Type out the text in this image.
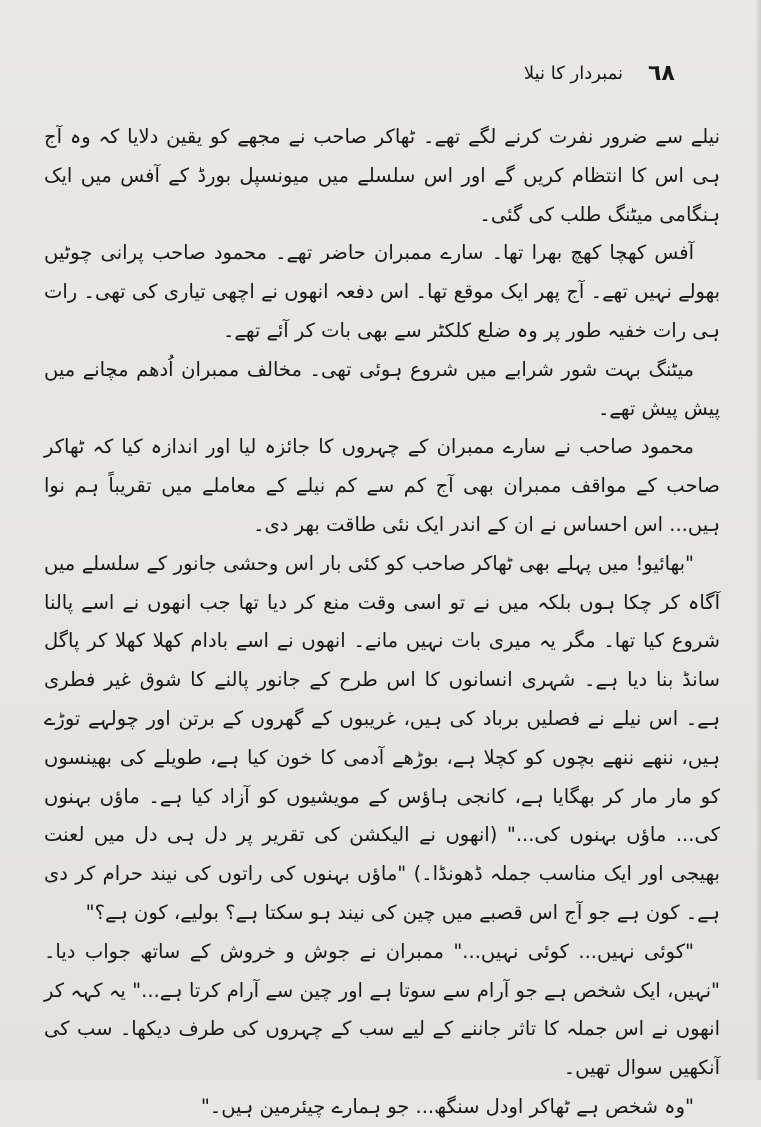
٦٨
نمبردار کا نیلا

نیلے سے ضرور نفرت کرنے لگے تھے۔ ٹھاکر صاحب نے مجھے کو یقین دلایا کہ وہ آج ہی اس کا انتظام کریں گے اور اس سلسلے میں میونسپل بورڈ کے آفس میں ایک ہنگامی میٹنگ طلب کی گئی۔

آفس کھچا کھچ بھرا تھا۔ سارے ممبران حاضر تھے۔ محمود صاحب پرانی چوٹیں بھولے نہیں تھے۔ آج پھر ایک موقع تھا۔ اس دفعہ انھوں نے اچھی تیاری کی تھی۔ رات ہی رات خفیہ طور پر وہ ضلع کلکٹر سے بھی بات کر آئے تھے۔

میٹنگ بہت شور شرابے میں شروع ہوئی تھی۔ مخالف ممبران اُدھم مچانے میں پیش پیش تھے۔

محمود صاحب نے سارے ممبران کے چہروں کا جائزہ لیا اور اندازہ کیا کہ ٹھاکر صاحب کے مواقف ممبران بھی آج کم سے کم نیلے کے معاملے میں تقریباً ہم نوا ہیں... اس احساس نے ان کے اندر ایک نئی طاقت بھر دی۔

"بھائیو! میں پہلے بھی ٹھاکر صاحب کو کئی بار اس وحشی جانور کے سلسلے میں آگاہ کر چکا ہوں بلکہ میں نے تو اسی وقت منع کر دیا تھا جب انھوں نے اسے پالنا شروع کیا تھا۔ مگر یہ میری بات نہیں مانے۔ انھوں نے اسے بادام کھلا کھلا کر پاگل سانڈ بنا دیا ہے۔ شہری انسانوں کا اس طرح کے جانور پالنے کا شوق غیر فطری ہے۔ اس نیلے نے فصلیں برباد کی ہیں، غریبوں کے گھروں کے برتن اور چولہے توڑے ہیں، ننھے ننھے بچوں کو کچلا ہے، بوڑھے آدمی کا خون کیا ہے، طویلے کی بھینسوں کو مار مار کر بھگایا ہے، کانجی ہاؤس کے مویشیوں کو آزاد کیا ہے۔ ماؤں بہنوں کی... ماؤں بہنوں کی..." (انھوں نے الیکشن کی تقریر پر دل ہی دل میں لعنت بھیجی اور ایک مناسب جملہ ڈھونڈا۔) "ماؤں بہنوں کی راتوں کی نیند حرام کر دی ہے۔ کون ہے جو آج اس قصبے میں چین کی نیند ہو سکتا ہے؟ بولیے، کون ہے؟"

"کوئی نہیں... کوئی نہیں..." ممبران نے جوش و خروش کے ساتھ جواب دیا۔ "نہیں، ایک شخص ہے جو آرام سے سوتا ہے اور چین سے آرام کرتا ہے..." یہ کہہ کر انھوں نے اس جملہ کا تاثر جاننے کے لیے سب کے چہروں کی طرف دیکھا۔ سب کی آنکھیں سوال تھیں۔

"وہ شخص ہے ٹھاکر اودل سنگھ... جو ہمارے چیئرمین ہیں۔"
